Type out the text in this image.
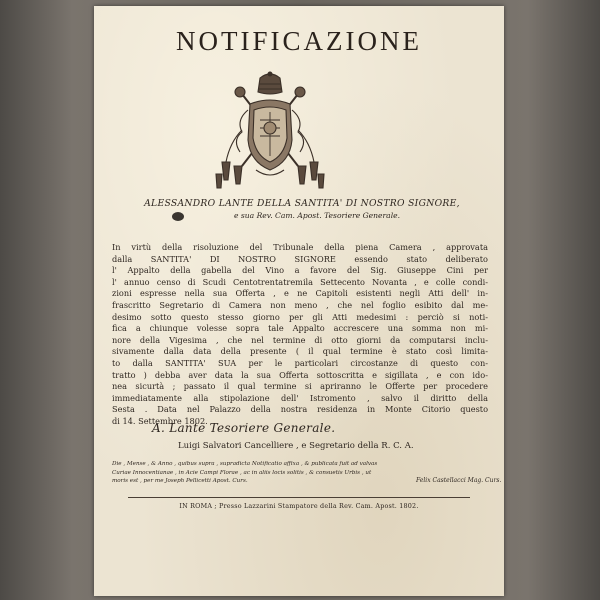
NOTIFICAZIONE
ALESSANDRO LANTE DELLA SANTITA' DI NOSTRO SIGNORE,
e sua Rev. Cam. Apost. Tesoriere Generale.
In virtù della risoluzione del Tribunale della piena Camera , approvata
dalla SANTITA' DI NOSTRO SIGNORE essendo stato deliberato
l' Appalto della gabella del Vino a favore del Sig. Giuseppe Cini per
l' annuo censo di Scudi Centotrentatremila Settecento Novanta , e colle condi-
zioni espresse nella sua Offerta , e ne Capitoli esistenti negli Atti dell' in-
frascritto Segretario di Camera non meno , che nel foglio esibito dal me-
desimo sotto questo stesso giorno per gli Atti medesimi : perciò si noti-
fica a chiunque volesse sopra tale Appalto accrescere una somma non mi-
nore della Vigesima , che nel termine di otto giorni da computarsi inclu-
sivamente dalla data della presente ( il qual termine è stato così limita-
to dalla SANTITA' SUA per le particolari circostanze di questo con-
tratto ) debba aver data la sua Offerta sottoscritta e sigillata , e con ido-
nea sicurtà ; passato il qual termine si apriranno le Offerte per procedere
immediatamente alla stipolazione dell' Istromento , salvo il diritto della
Sesta . Data nel Palazzo della nostra residenza in Monte Citorio questo
di 14. Settembre 1802.
A. Lante Tesoriere Generale.
Luigi Salvatori Cancelliere , e Segretario della R. C. A.
Die , Mense , & Anno , quibus supra , supradicta Notificatio affixa , & publicata fuit ad valvas
Curiae Innocentianae , in Acie Campi Florae , ac in aliis locis solitis , & consuetis Urbis , ut
moris est , per me Joseph Pellicetti Apost. Curs.	Felix Castellacci Mag. Curs.
IN ROMA ; Presso Lazzarini Stampatore della Rev. Cam. Apost. 1802.
